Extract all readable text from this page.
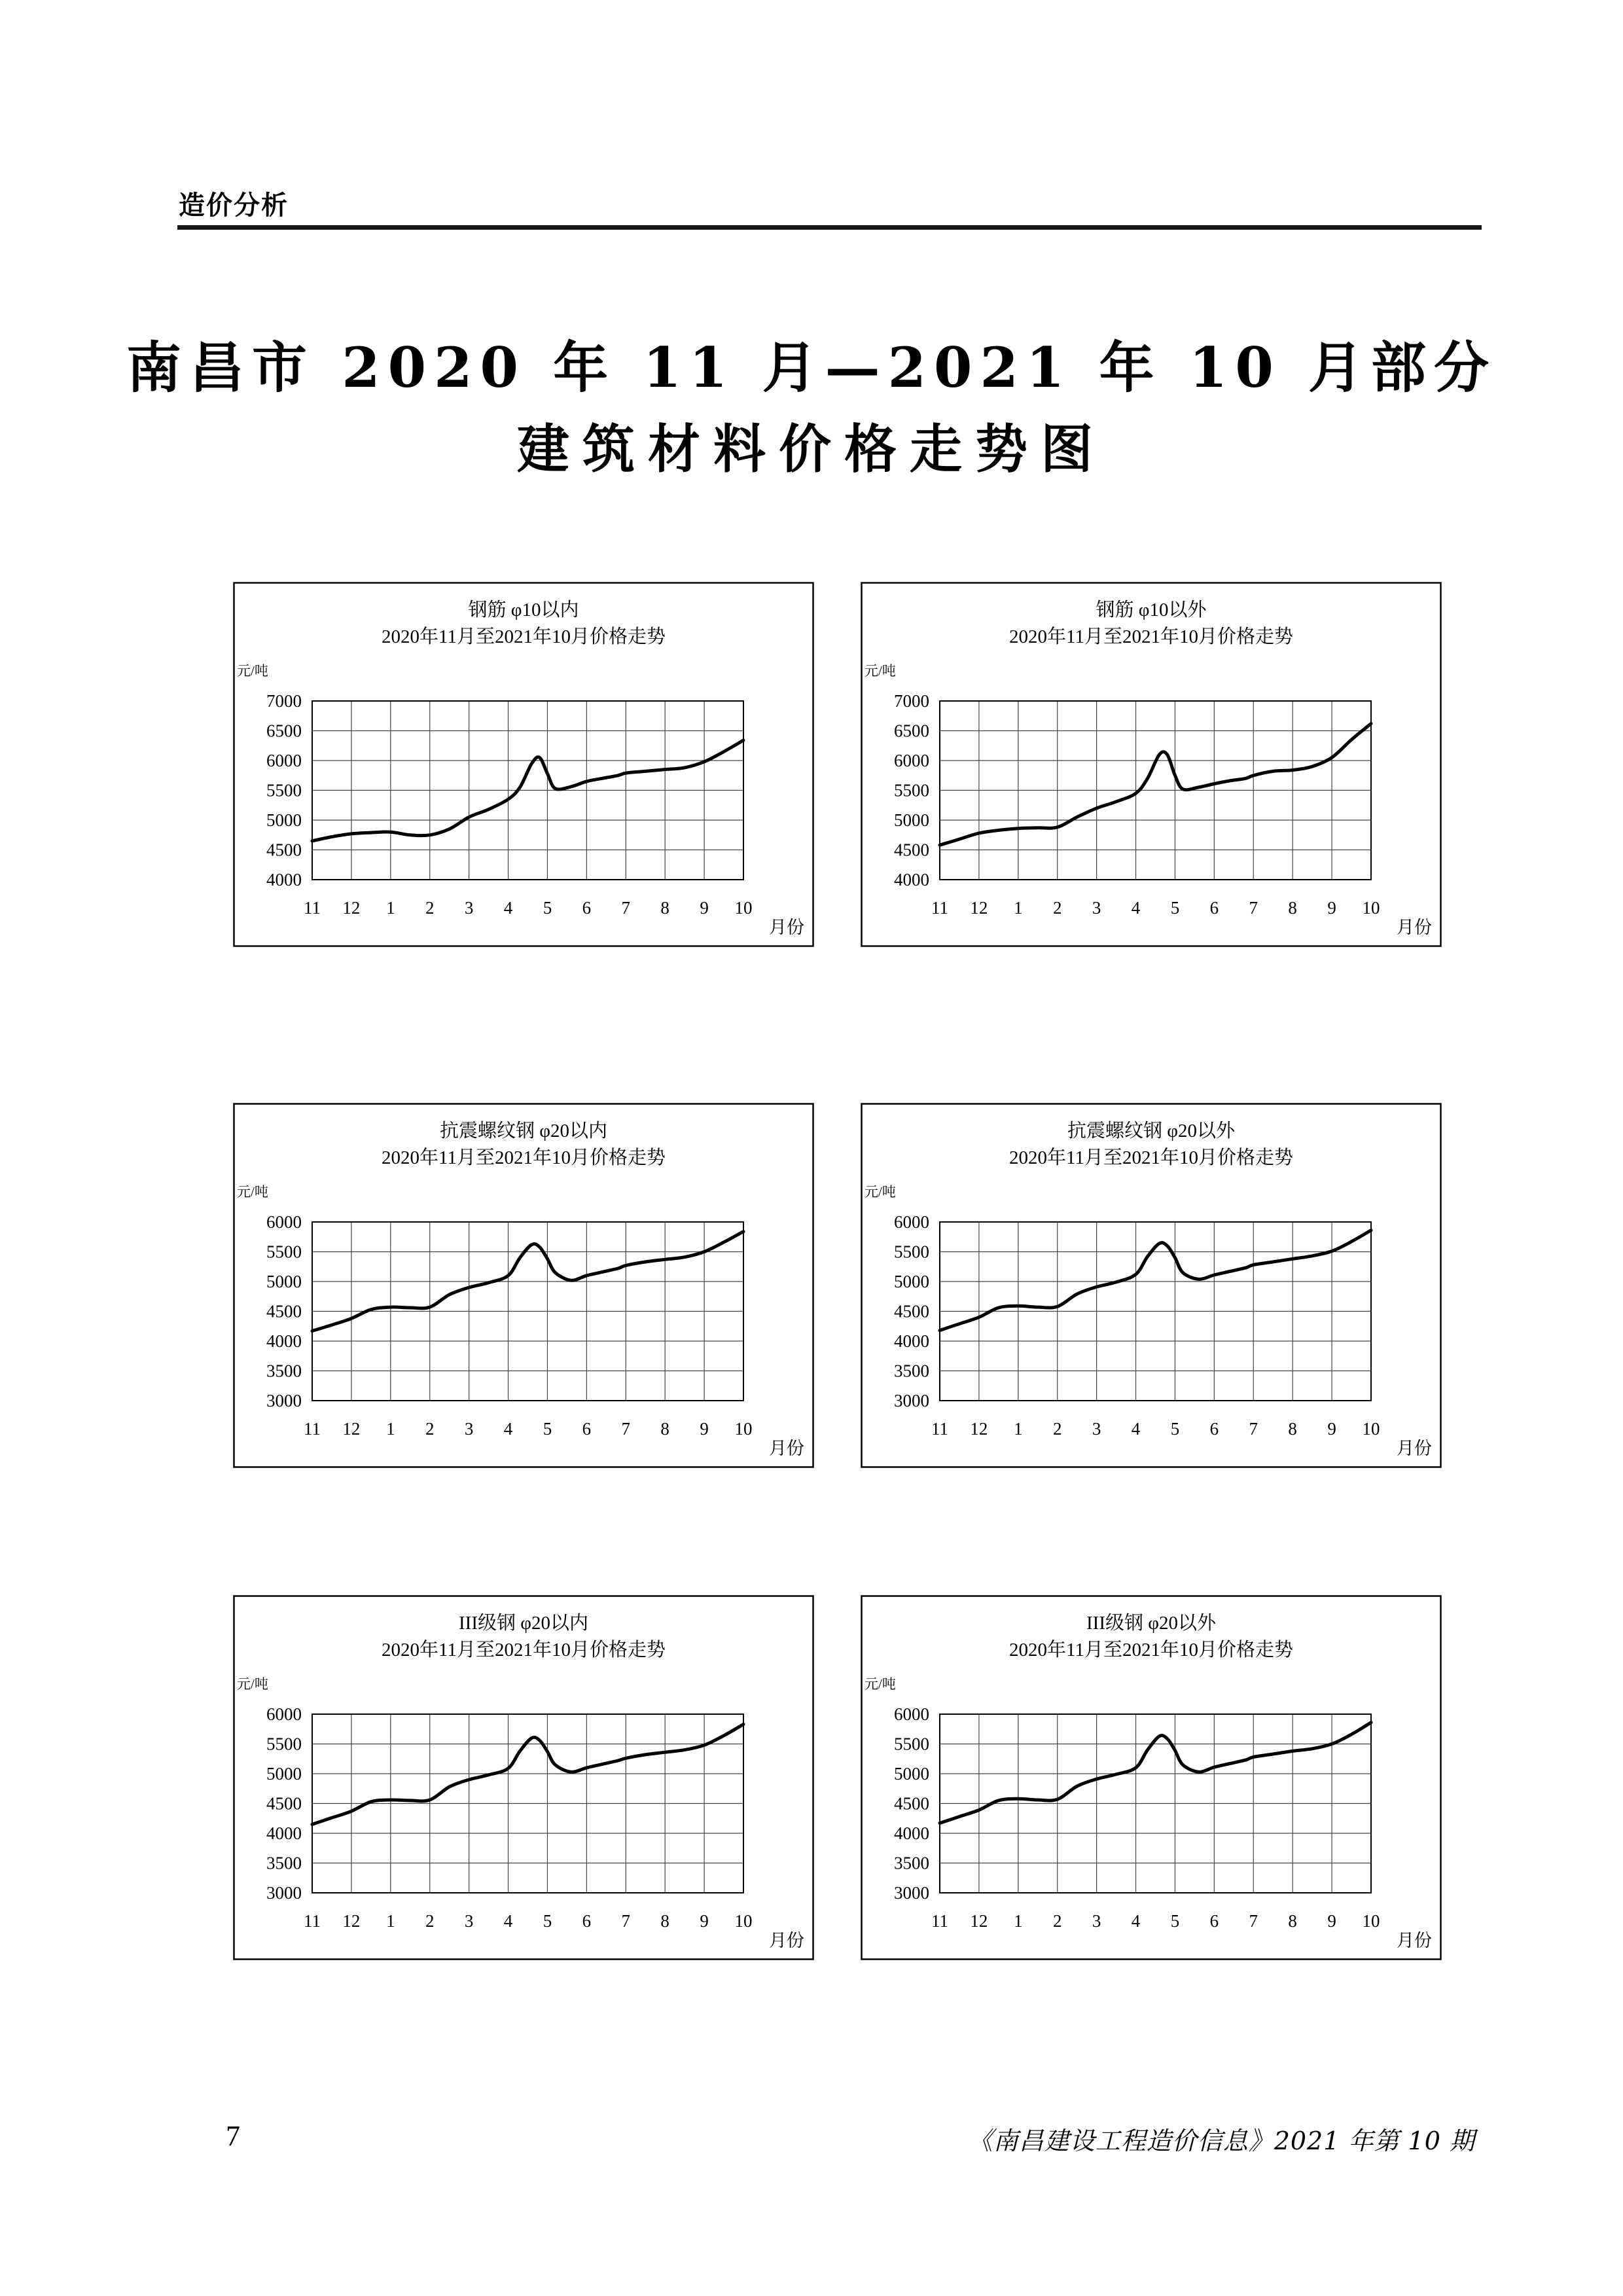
造价分析
南昌市 2020 年 11 月—2021 年 10 月部分
建筑材料价格走势图
钢筋 φ10以内
2020年11月至2021年10月价格走势
元/吨
4000
4500
5000
5500
6000
6500
7000
11 12 1 2 3 4 5 6 7 8 9 10
月份
钢筋 φ10以外
2020年11月至2021年10月价格走势
元/吨
4000
4500
5000
5500
6000
6500
7000
11 12 1 2 3 4 5 6 7 8 9 10
月份
抗震螺纹钢 φ20以内
2020年11月至2021年10月价格走势
元/吨
3000
3500
4000
4500
5000
5500
6000
11 12 1 2 3 4 5 6 7 8 9 10
月份
抗震螺纹钢 φ20以外
2020年11月至2021年10月价格走势
元/吨
3000
3500
4000
4500
5000
5500
6000
11 12 1 2 3 4 5 6 7 8 9 10
月份
III级钢 φ20以内
2020年11月至2021年10月价格走势
元/吨
3000
3500
4000
4500
5000
5500
6000
11 12 1 2 3 4 5 6 7 8 9 10
月份
III级钢 φ20以外
2020年11月至2021年10月价格走势
元/吨
3000
3500
4000
4500
5000
5500
6000
11 12 1 2 3 4 5 6 7 8 9 10
月份
7	《南昌建设工程造价信息》2021 年第 10 期
